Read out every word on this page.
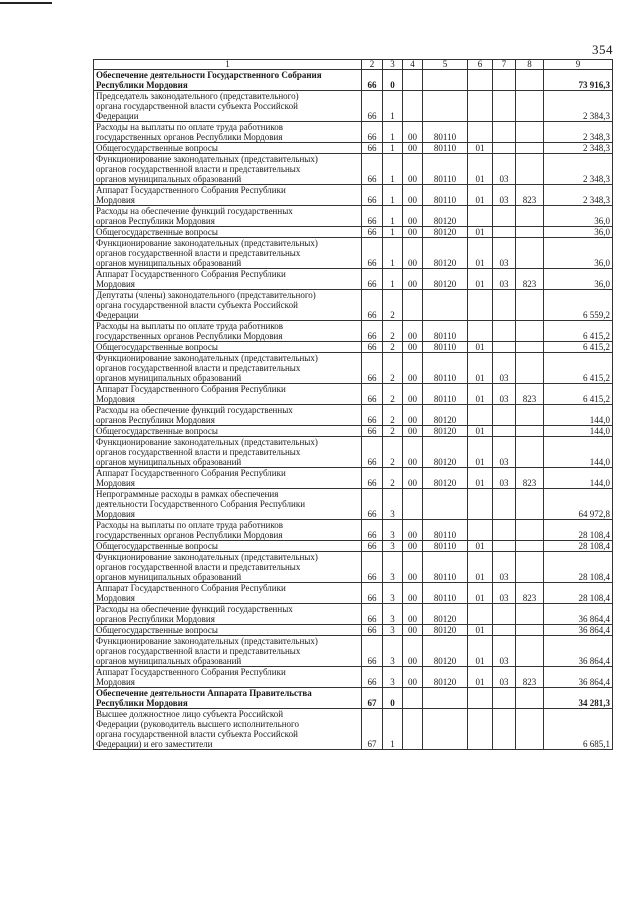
354
1	2	3	4	5	6	7	8	9

Обеспечение деятельности Государственного Собрания
Республики Мордовия	66	0						73 916,3

Председатель законодательного (представительного)
органа государственной власти субъекта Российской
Федерации	66	1						2 384,3

Расходы на выплаты по оплате труда работников
государственных органов Республики Мордовия	66	1	00	80110				2 348,3

Общегосударственные вопросы	66	1	00	80110	01			2 348,3

Функционирование законодательных (представительных)
органов государственной власти и представительных
органов муниципальных образований	66	1	00	80110	01	03		2 348,3

Аппарат Государственного Собрания Республики
Мордовия	66	1	00	80110	01	03	823	2 348,3

Расходы на обеспечение функций государственных
органов Республики Мордовия	66	1	00	80120				36,0

Общегосударственные вопросы	66	1	00	80120	01			36,0

Функционирование законодательных (представительных)
органов государственной власти и представительных
органов муниципальных образований	66	1	00	80120	01	03		36,0

Аппарат Государственного Собрания Республики
Мордовия	66	1	00	80120	01	03	823	36,0

Депутаты (члены) законодательного (представительного)
органа государственной власти субъекта Российской
Федерации	66	2						6 559,2

Расходы на выплаты по оплате труда работников
государственных органов Республики Мордовия	66	2	00	80110				6 415,2

Общегосударственные вопросы	66	2	00	80110	01			6 415,2

Функционирование законодательных (представительных)
органов государственной власти и представительных
органов муниципальных образований	66	2	00	80110	01	03		6 415,2

Аппарат Государственного Собрания Республики
Мордовия	66	2	00	80110	01	03	823	6 415,2

Расходы на обеспечение функций государственных
органов Республики Мордовия	66	2	00	80120				144,0

Общегосударственные вопросы	66	2	00	80120	01			144,0

Функционирование законодательных (представительных)
органов государственной власти и представительных
органов муниципальных образований	66	2	00	80120	01	03		144,0

Аппарат Государственного Собрания Республики
Мордовия	66	2	00	80120	01	03	823	144,0

Непрограммные расходы в рамках обеспечения
деятельности Государственного Собрания Республики
Мордовия	66	3						64 972,8

Расходы на выплаты по оплате труда работников
государственных органов Республики Мордовия	66	3	00	80110				28 108,4

Общегосударственные вопросы	66	3	00	80110	01			28 108,4

Функционирование законодательных (представительных)
органов государственной власти и представительных
органов муниципальных образований	66	3	00	80110	01	03		28 108,4

Аппарат Государственного Собрания Республики
Мордовия	66	3	00	80110	01	03	823	28 108,4

Расходы на обеспечение функций государственных
органов Республики Мордовия	66	3	00	80120				36 864,4

Общегосударственные вопросы	66	3	00	80120	01			36 864,4

Функционирование законодательных (представительных)
органов государственной власти и представительных
органов муниципальных образований	66	3	00	80120	01	03		36 864,4

Аппарат Государственного Собрания Республики
Мордовия	66	3	00	80120	01	03	823	36 864,4

Обеспечение деятельности Аппарата Правительства
Республики Мордовия	67	0						34 281,3

Высшее должностное лицо субъекта Российской
Федерации (руководитель высшего исполнительного
органа государственной власти субъекта Российской
Федерации) и его заместители	67	1						6 685,1
